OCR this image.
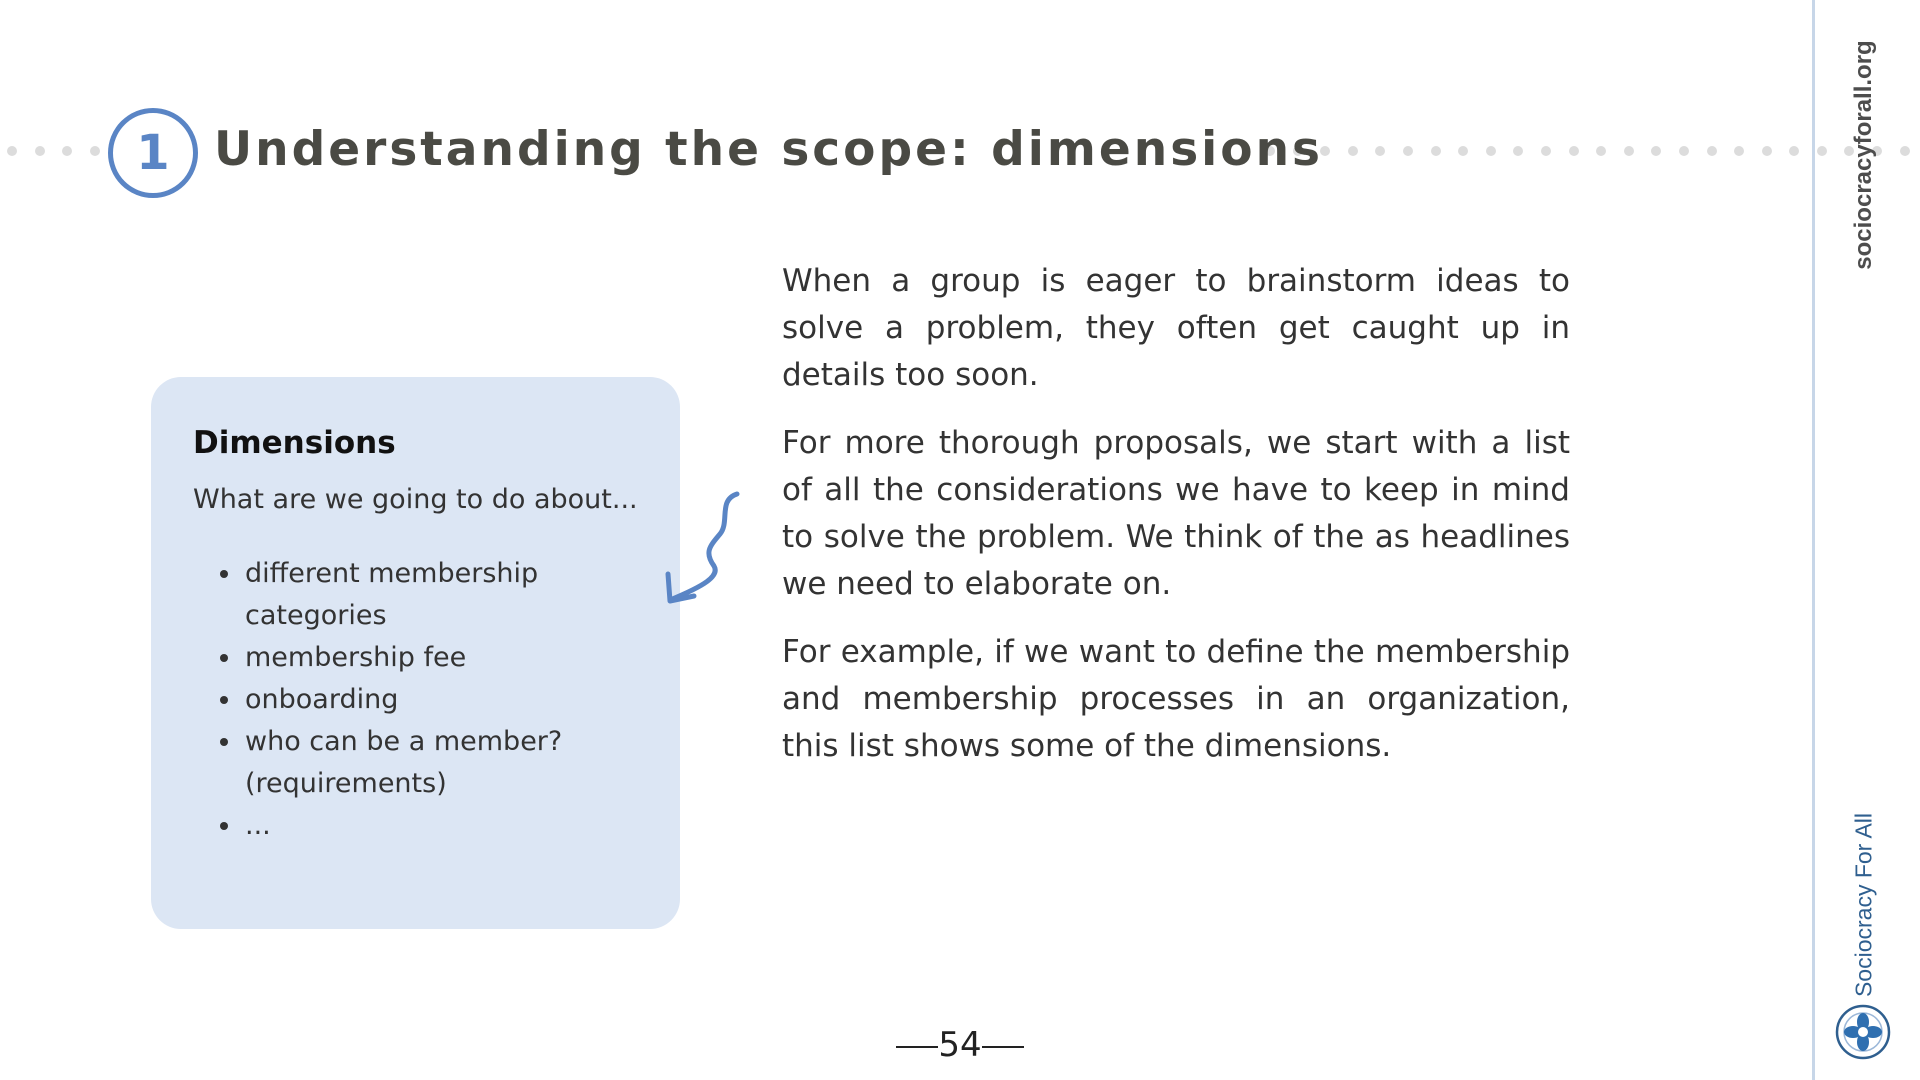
1 Understanding the scope: dimensions	sociocracyforall.org
Sociocracy For All
Dimensions

What are we going to do about...

• different membership categories
• membership fee
• onboarding
• who can be a member? (requirements)
• ...

When a group is eager to brainstorm ideas to solve a problem, they often get caught up in details too soon.

For more thorough proposals, we start with a list of all the considerations we have to keep in mind to solve the problem. We think of the as headlines we need to elaborate on.

For example, if we want to define the membership and membership processes in an organization, this list shows some of the dimensions.

54
